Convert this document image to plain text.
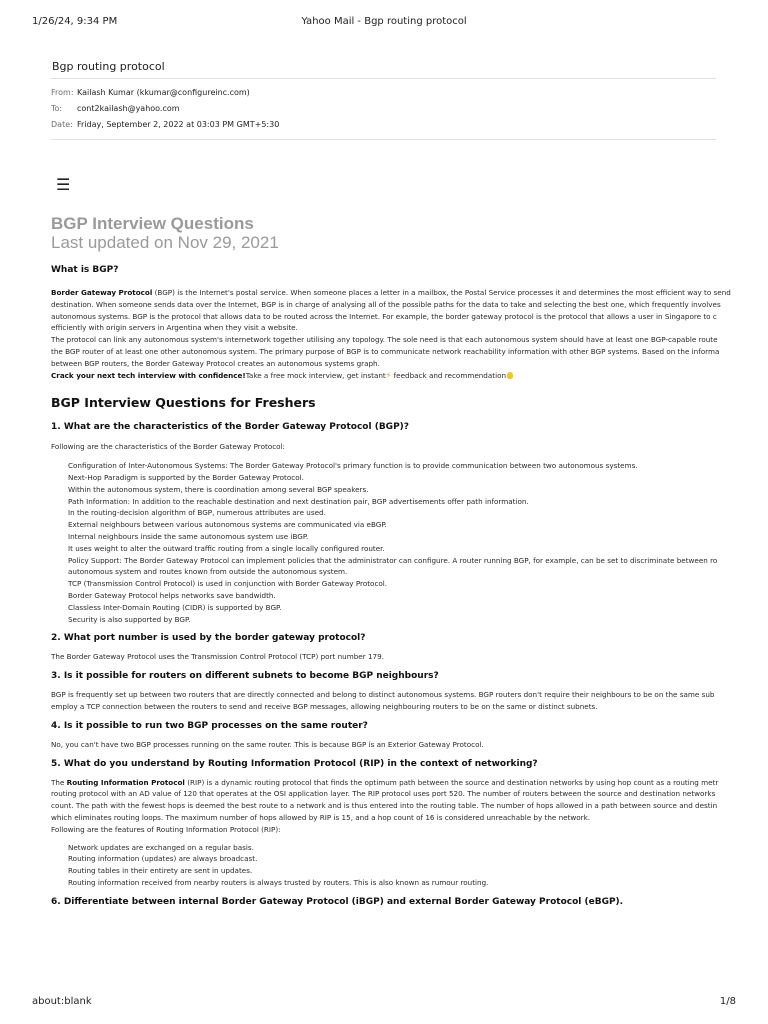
1/26/24, 9:34 PM	Yahoo Mail - Bgp routing protocol
Bgp routing protocol
From: Kailash Kumar (kkumar@configureinc.com)
To:	cont2kailash@yahoo.com
Date: Friday, September 2, 2022 at 03:03 PM GMT+5:30
☰
BGP Interview Questions
Last updated on Nov 29, 2021
What is BGP?
Border Gateway Protocol (BGP) is the Internet's postal service. When someone places a letter in a mailbox, the Postal Service processes it and determines the most efficient way to send
destination. When someone sends data over the Internet, BGP is in charge of analysing all of the possible paths for the data to take and selecting the best one, which frequently involves
autonomous systems. BGP is the protocol that allows data to be routed across the Internet. For example, the border gateway protocol is the protocol that allows a user in Singapore to c
efficiently with origin servers in Argentina when they visit a website.
The protocol can link any autonomous system's internetwork together utilising any topology. The sole need is that each autonomous system should have at least one BGP-capable route
the BGP router of at least one other autonomous system. The primary purpose of BGP is to communicate network reachability information with other BGP systems. Based on the informa
between BGP routers, the Border Gateway Protocol creates an autonomous systems graph.
Crack your next tech interview with confidence!Take a free mock interview, get instant⚡ feedback and recommendation
BGP Interview Questions for Freshers
1. What are the characteristics of the Border Gateway Protocol (BGP)?
Following are the characteristics of the Border Gateway Protocol:
• Configuration of Inter-Autonomous Systems: The Border Gateway Protocol's primary function is to provide communication between two autonomous systems.
• Next-Hop Paradigm is supported by the Border Gateway Protocol.
• Within the autonomous system, there is coordination among several BGP speakers.
• Path Information: In addition to the reachable destination and next destination pair, BGP advertisements offer path information.
• In the routing-decision algorithm of BGP, numerous attributes are used.
• External neighbours between various autonomous systems are communicated via eBGP.
• Internal neighbours inside the same autonomous system use iBGP.
• It uses weight to alter the outward traffic routing from a single locally configured router.
• Policy Support: The Border Gateway Protocol can implement policies that the administrator can configure. A router running BGP, for example, can be set to discriminate between ro
autonomous system and routes known from outside the autonomous system.
• TCP (Transmission Control Protocol) is used in conjunction with Border Gateway Protocol.
• Border Gateway Protocol helps networks save bandwidth.
• Classless Inter-Domain Routing (CIDR) is supported by BGP.
• Security is also supported by BGP.
2. What port number is used by the border gateway protocol?
The Border Gateway Protocol uses the Transmission Control Protocol (TCP) port number 179.
3. Is it possible for routers on different subnets to become BGP neighbours?
BGP is frequently set up between two routers that are directly connected and belong to distinct autonomous systems. BGP routers don't require their neighbours to be on the same sub
employ a TCP connection between the routers to send and receive BGP messages, allowing neighbouring routers to be on the same or distinct subnets.
4. Is it possible to run two BGP processes on the same router?
No, you can't have two BGP processes running on the same router. This is because BGP is an Exterior Gateway Protocol.
5. What do you understand by Routing Information Protocol (RIP) in the context of networking?
The Routing Information Protocol (RIP) is a dynamic routing protocol that finds the optimum path between the source and destination networks by using hop count as a routing metr
routing protocol with an AD value of 120 that operates at the OSI application layer. The RIP protocol uses port 520. The number of routers between the source and destination networks
count. The path with the fewest hops is deemed the best route to a network and is thus entered into the routing table. The number of hops allowed in a path between source and destin
which eliminates routing loops. The maximum number of hops allowed by RIP is 15, and a hop count of 16 is considered unreachable by the network.
Following are the features of Routing Information Protocol (RIP):
• Network updates are exchanged on a regular basis.
• Routing information (updates) are always broadcast.
• Routing tables in their entirety are sent in updates.
• Routing information received from nearby routers is always trusted by routers. This is also known as rumour routing.
6. Differentiate between internal Border Gateway Protocol (iBGP) and external Border Gateway Protocol (eBGP).
about:blank	1/8
